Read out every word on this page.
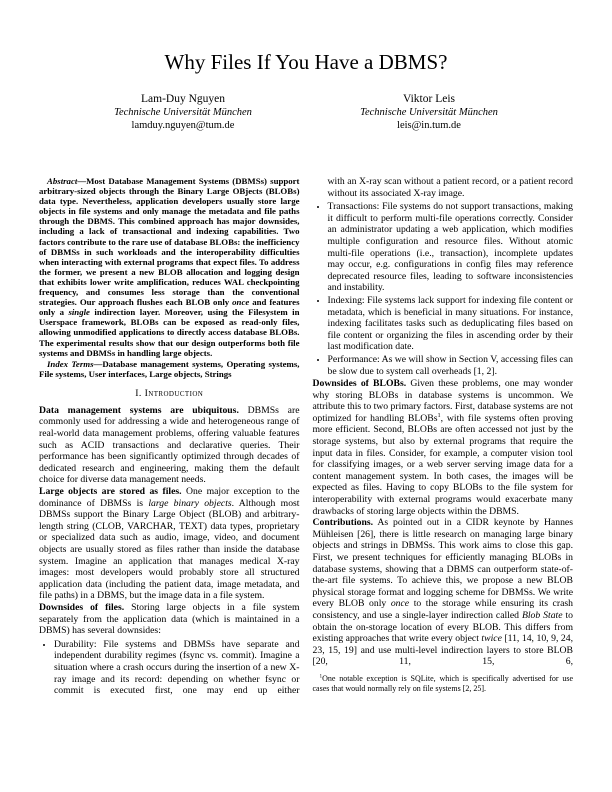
Why Files If You Have a DBMS?
Lam-Duy Nguyen
Technische Universität München
lamduy.nguyen@tum.de
Viktor Leis
Technische Universität München
leis@in.tum.de

Abstract—Most Database Management Systems (DBMSs) support arbitrary-sized objects through the Binary Large OBjects (BLOBs) data type. Nevertheless, application developers usually store large objects in file systems and only manage the metadata and file paths through the DBMS. This combined approach has major downsides, including a lack of transactional and indexing capabilities. Two factors contribute to the rare use of database BLOBs: the inefficiency of DBMSs in such workloads and the interoperability difficulties when interacting with external programs that expect files. To address the former, we present a new BLOB allocation and logging design that exhibits lower write amplification, reduces WAL checkpointing frequency, and consumes less storage than the conventional strategies. Our approach flushes each BLOB only once and features only a single indirection layer. Moreover, using the Filesystem in Userspace framework, BLOBs can be exposed as read-only files, allowing unmodified applications to directly access database BLOBs. The experimental results show that our design outperforms both file systems and DBMSs in handling large objects.

Index Terms—Database management systems, Operating systems, File systems, User interfaces, Large objects, Strings

I. Introduction

Data management systems are ubiquitous. DBMSs are commonly used for addressing a wide and heterogeneous range of real-world data management problems, offering valuable features such as ACID transactions and declarative queries. Their performance has been significantly optimized through decades of dedicated research and engineering, making them the default choice for diverse data management needs.

Large objects are stored as files. One major exception to the dominance of DBMSs is large binary objects. Although most DBMSs support the Binary Large Object (BLOB) and arbitrary-length string (CLOB, VARCHAR, TEXT) data types, proprietary or specialized data such as audio, image, video, and document objects are usually stored as files rather than inside the database system. Imagine an application that manages medical X-ray images: most developers would probably store all structured application data (including the patient data, image metadata, and file paths) in a DBMS, but the image data in a file system.

Downsides of files. Storing large objects in a file system separately from the application data (which is maintained in a DBMS) has several downsides:

• Durability: File systems and DBMSs have separate and independent durability regimes (fsync vs. commit). Imagine a situation where a crash occurs during the insertion of a new X-ray image and its record: depending on whether fsync or commit is executed first, one may end up either

with an X-ray scan without a patient record, or a patient record without its associated X-ray image.

• Transactions: File systems do not support transactions, making it difficult to perform multi-file operations correctly. Consider an administrator updating a web application, which modifies multiple configuration and resource files. Without atomic multi-file operations (i.e., transaction), incomplete updates may occur, e.g. configurations in config files may reference deprecated resource files, leading to software inconsistencies and instability.
• Indexing: File systems lack support for indexing file content or metadata, which is beneficial in many situations. For instance, indexing facilitates tasks such as deduplicating files based on file content or organizing the files in ascending order by their last modification date.
• Performance: As we will show in Section V, accessing files can be slow due to system call overheads [1, 2].

Downsides of BLOBs. Given these problems, one may wonder why storing BLOBs in database systems is uncommon. We attribute this to two primary factors. First, database systems are not optimized for handling BLOBs$^1$, with file systems often proving more efficient. Second, BLOBs are often accessed not just by the storage systems, but also by external programs that require the input data in files. Consider, for example, a computer vision tool for classifying images, or a web server serving image data for a content management system. In both cases, the images will be expected as files. Having to copy BLOBs to the file system for interoperability with external programs would exacerbate many drawbacks of storing large objects within the DBMS.

Contributions. As pointed out in a CIDR keynote by Hannes Mühleisen [26], there is little research on managing large binary objects and strings in DBMSs. This work aims to close this gap. First, we present techniques for efficiently managing BLOBs in database systems, showing that a DBMS can outperform state-of-the-art file systems. To achieve this, we propose a new BLOB physical storage format and logging scheme for DBMSs. We write every BLOB only once to the storage while ensuring its crash consistency, and use a single-layer indirection called Blob State to obtain the on-storage location of every BLOB. This differs from existing approaches that write every object twice [11, 14, 10, 9, 24, 23, 15, 19] and use multi-level indirection layers to store BLOB [20, 11, 15, 6,

$^1$One notable exception is SQLite, which is specifically advertised for use cases that would normally rely on file systems [2, 25].
